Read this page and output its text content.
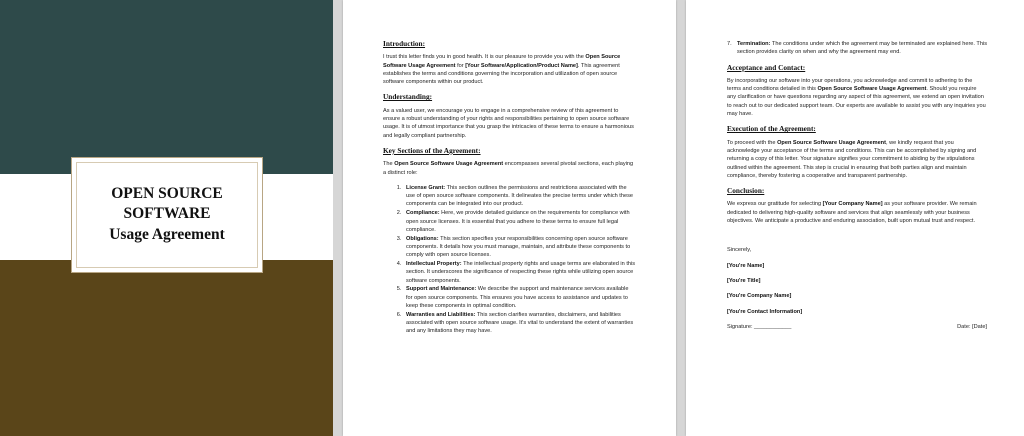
OPEN SOURCE SOFTWARE
Usage Agreement
Introduction:

I trust this letter finds you in good health. It is our pleasure to provide you with the Open Source Software Usage Agreement for [Your Software/Application/Product Name]. This agreement establishes the terms and conditions governing the incorporation and utilization of open source software components within our product.

Understanding:

As a valued user, we encourage you to engage in a comprehensive review of this agreement to ensure a robust understanding of your rights and responsibilities pertaining to open source software usage. It is of utmost importance that you grasp the intricacies of these terms to ensure a harmonious and legally compliant partnership.

Key Sections of the Agreement:

The Open Source Software Usage Agreement encompasses several pivotal sections, each playing a distinct role:

1. License Grant: This section outlines the permissions and restrictions associated with the use of open source software components. It delineates the precise terms under which these components can be integrated into our product.
2. Compliance: Here, we provide detailed guidance on the requirements for compliance with open source licenses. It is essential that you adhere to these terms to ensure full legal compliance.
3. Obligations: This section specifies your responsibilities concerning open source software components. It details how you must manage, maintain, and attribute these components to comply with open source licenses.
4. Intellectual Property: The intellectual property rights and usage terms are elaborated in this section. It underscores the significance of respecting these rights while utilizing open source software components.
5. Support and Maintenance: We describe the support and maintenance services available for open source components. This ensures you have access to assistance and updates to keep these components in optimal condition.
6. Warranties and Liabilities: This section clarifies warranties, disclaimers, and liabilities associated with open source software usage. It's vital to understand the extent of warranties and any limitations they may have.
7. Termination: The conditions under which the agreement may be terminated are explained here. This section provides clarity on when and why the agreement may end.
Acceptance and Contact:

By incorporating our software into your operations, you acknowledge and commit to adhering to the terms and conditions detailed in this Open Source Software Usage Agreement. Should you require any clarification or have questions regarding any aspect of this agreement, we extend an open invitation to reach out to our dedicated support team. Our experts are available to assist you with any inquiries you may have.

Execution of the Agreement:

To proceed with the Open Source Software Usage Agreement, we kindly request that you acknowledge your acceptance of the terms and conditions. This can be accomplished by signing and returning a copy of this letter. Your signature signifies your commitment to abiding by the stipulations outlined within the agreement. This step is crucial in ensuring that both parties align and maintain compliance, thereby fostering a cooperative and transparent partnership.

Conclusion:

We express our gratitude for selecting [Your Company Name] as your software provider. We remain dedicated to delivering high-quality software and services that align seamlessly with your business objectives. We anticipate a productive and enduring association, built upon mutual trust and respect.

Sincerely,

[You're Name]

[You're Title]

[You're Company Name]

[You're Contact Information]

Signature: ____________	Date: [Date]
